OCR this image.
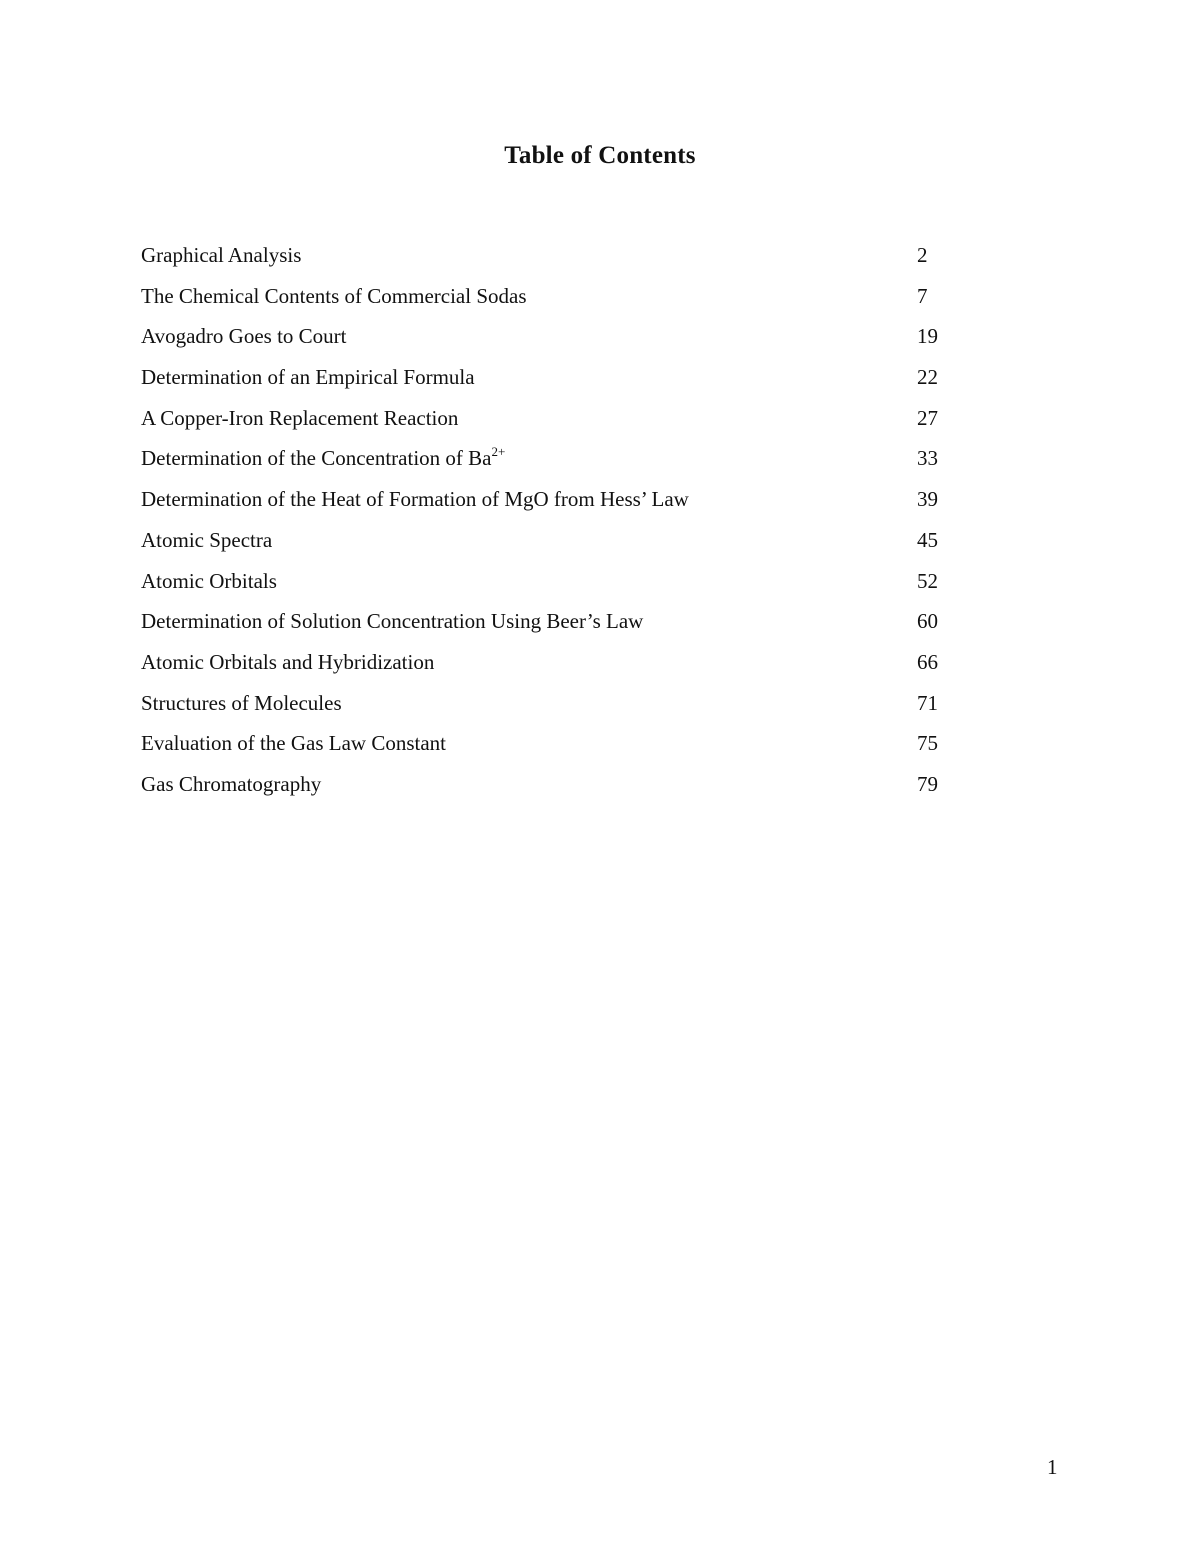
Table of Contents
Graphical Analysis	2
The Chemical Contents of Commercial Sodas	7
Avogadro Goes to Court	19
Determination of an Empirical Formula	22
A Copper-Iron Replacement Reaction	27
Determination of the Concentration of $Ba^{2+}$	33
Determination of the Heat of Formation of MgO from Hess’ Law	39
Atomic Spectra	45
Atomic Orbitals	52
Determination of Solution Concentration Using Beer’s Law	60
Atomic Orbitals and Hybridization	66
Structures of Molecules	71
Evaluation of the Gas Law Constant	75
Gas Chromatography	79
1
